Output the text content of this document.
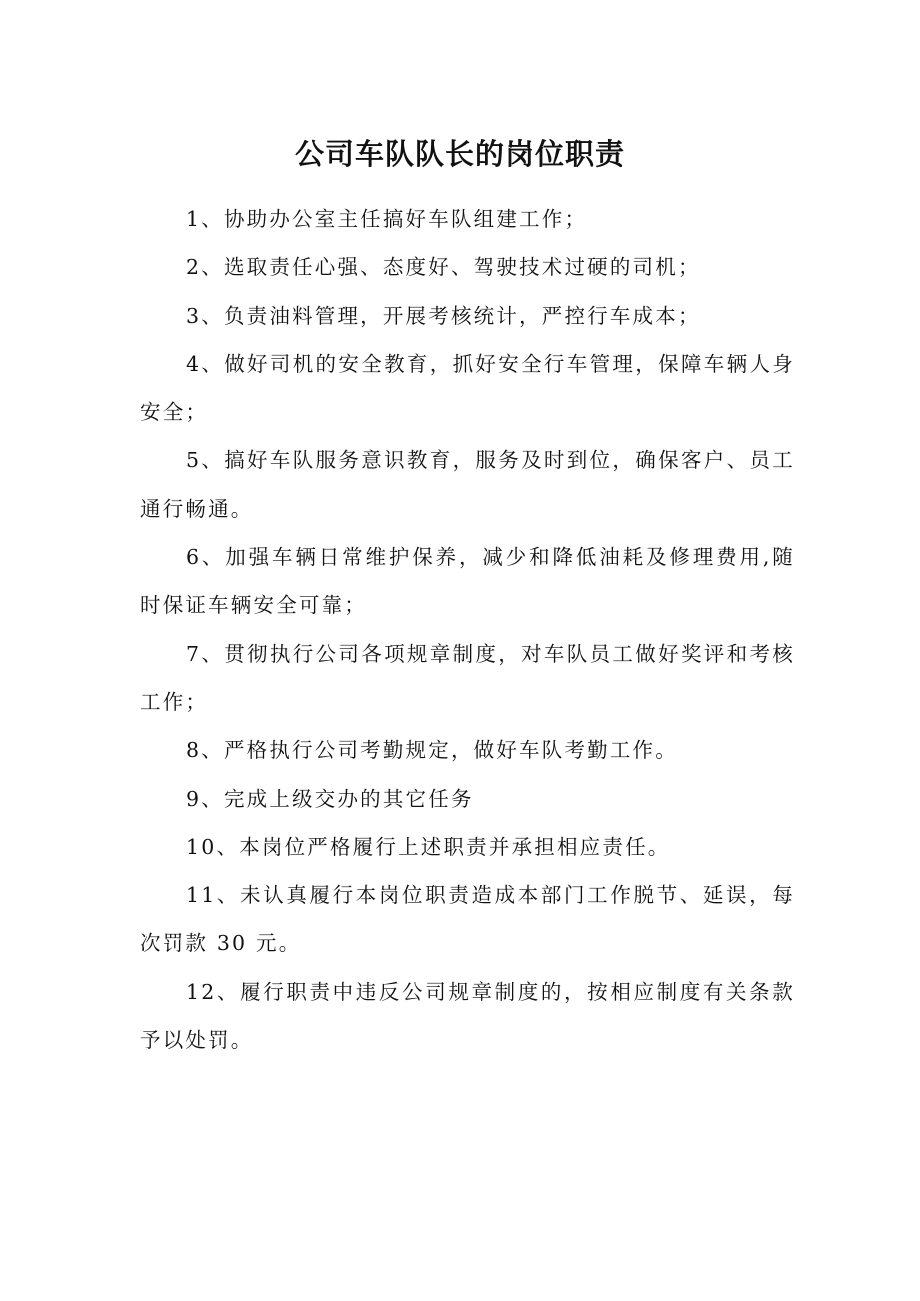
公司车队队长的岗位职责

1、协助办公室主任搞好车队组建工作；

2、选取责任心强、态度好、驾驶技术过硬的司机；

3、负责油料管理，开展考核统计，严控行车成本；

4、做好司机的安全教育，抓好安全行车管理，保障车辆人身安全；

5、搞好车队服务意识教育，服务及时到位，确保客户、员工通行畅通。

6、加强车辆日常维护保养，减少和降低油耗及修理费用,随时保证车辆安全可靠；

7、贯彻执行公司各项规章制度，对车队员工做好奖评和考核工作；

8、严格执行公司考勤规定，做好车队考勤工作。

9、完成上级交办的其它任务

10、本岗位严格履行上述职责并承担相应责任。

11、未认真履行本岗位职责造成本部门工作脱节、延误，每次罚款 30 元。

12、履行职责中违反公司规章制度的，按相应制度有关条款予以处罚。
